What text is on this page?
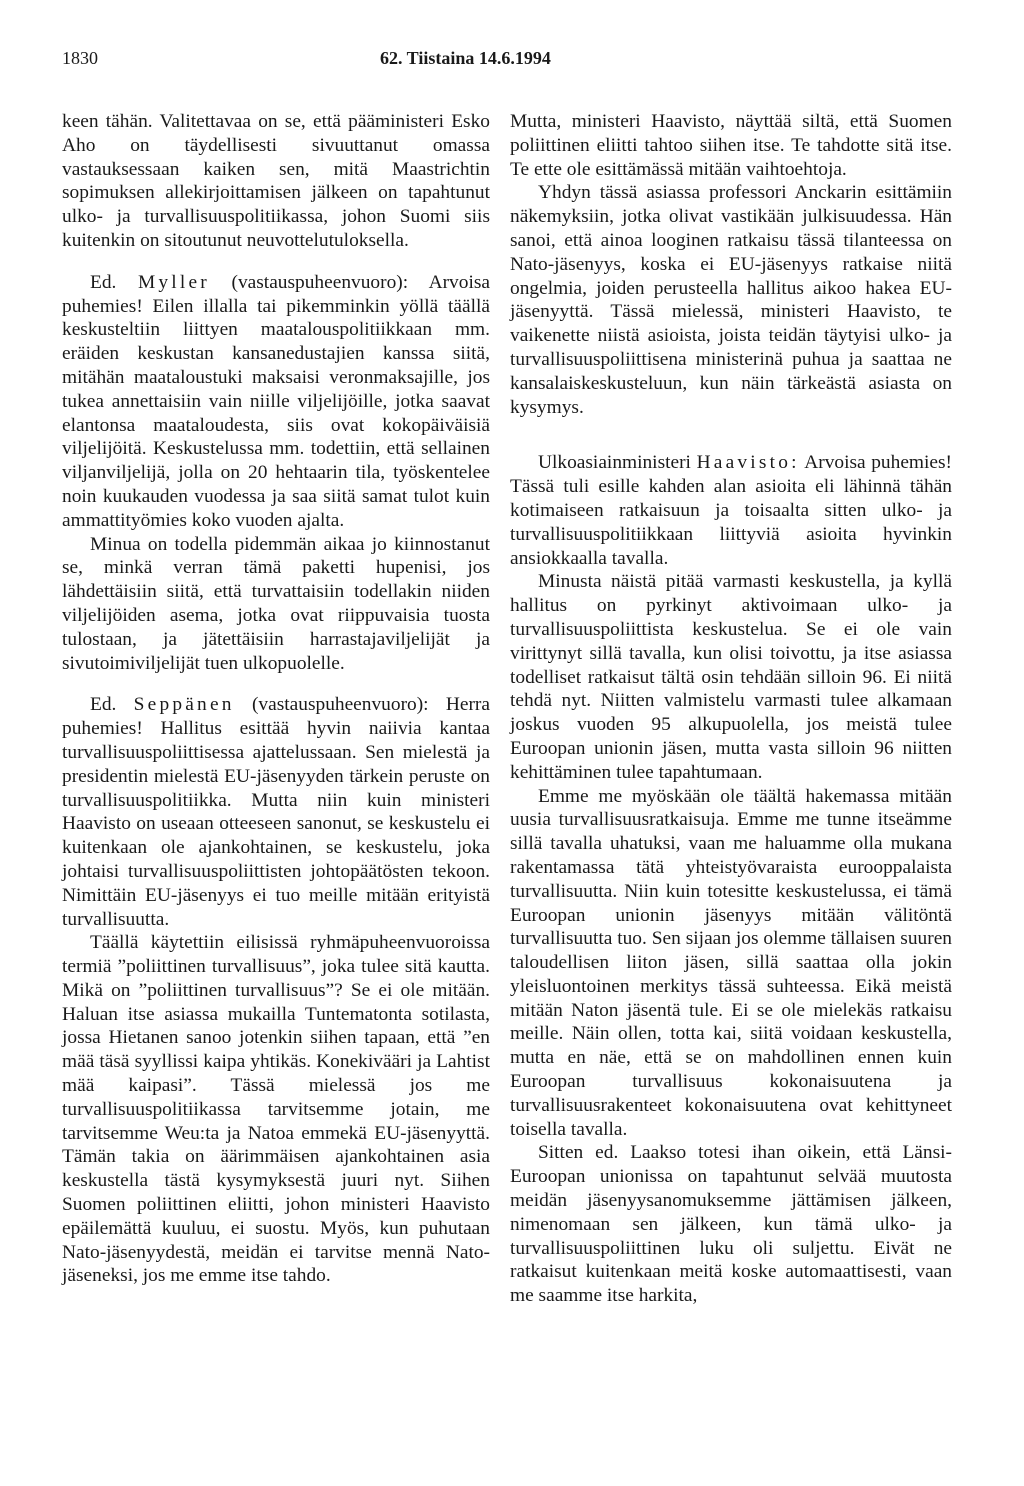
1830	62. Tiistaina 14.6.1994

keen tähän. Valitettavaa on se, että pääministeri Esko Aho on täydellisesti sivuuttanut omassa vastauksessaan kaiken sen, mitä Maastrichtin sopimuksen allekirjoittamisen jälkeen on tapahtunut ulko- ja turvallisuuspolitiikassa, johon Suomi siis kuitenkin on sitoutunut neuvottelutuloksella.

Ed. Myller (vastauspuheenvuoro): Arvoisa puhemies! Eilen illalla tai pikemminkin yöllä täällä keskusteltiin liittyen maatalouspolitiikkaan mm. eräiden keskustan kansanedustajien kanssa siitä, mitähän maataloustuki maksaisi veronmaksajille, jos tukea annettaisiin vain niille viljelijöille, jotka saavat elantonsa maataloudesta, siis ovat kokopäiväisiä viljelijöitä. Keskustelussa mm. todettiin, että sellainen viljanviljelijä, jolla on 20 hehtaarin tila, työskentelee noin kuukauden vuodessa ja saa siitä samat tulot kuin ammattityömies koko vuoden ajalta.

Minua on todella pidemmän aikaa jo kiinnostanut se, minkä verran tämä paketti hupenisi, jos lähdettäisiin siitä, että turvattaisiin todellakin niiden viljelijöiden asema, jotka ovat riippuvaisia tuosta tulostaan, ja jätettäisiin harrastajaviljelijät ja sivutoimiviljelijät tuen ulkopuolelle.

Ed. Seppänen (vastauspuheenvuoro): Herra puhemies! Hallitus esittää hyvin naiivia kantaa turvallisuuspoliittisessa ajattelussaan. Sen mielestä ja presidentin mielestä EU-jäsenyyden tärkein peruste on turvallisuuspolitiikka. Mutta niin kuin ministeri Haavisto on useaan otteeseen sanonut, se keskustelu ei kuitenkaan ole ajankohtainen, se keskustelu, joka johtaisi turvallisuuspoliittisten johtopäätösten tekoon. Nimittäin EU-jäsenyys ei tuo meille mitään erityistä turvallisuutta.

Täällä käytettiin eilisissä ryhmäpuheenvuoroissa termiä ”poliittinen turvallisuus”, joka tulee sitä kautta. Mikä on ”poliittinen turvallisuus”? Se ei ole mitään. Haluan itse asiassa mukailla Tuntematonta sotilasta, jossa Hietanen sanoo jotenkin siihen tapaan, että ”en mää täsä syyllissi kaipa yhtikäs. Konekivääri ja Lahtist mää kaipasi”. Tässä mielessä jos me turvallisuuspolitiikassa tarvitsemme jotain, me tarvitsemme Weu:ta ja Natoa emmekä EU-jäsenyyttä. Tämän takia on äärimmäisen ajankohtainen asia keskustella tästä kysymyksestä juuri nyt. Siihen Suomen poliittinen eliitti, johon ministeri Haavisto epäilemättä kuuluu, ei suostu. Myös, kun puhutaan Nato-jäsenyydestä, meidän ei tarvitse mennä Nato-jäseneksi, jos me emme itse tahdo.

Mutta, ministeri Haavisto, näyttää siltä, että Suomen poliittinen eliitti tahtoo siihen itse. Te tahdotte sitä itse. Te ette ole esittämässä mitään vaihtoehtoja.

Yhdyn tässä asiassa professori Anckarin esittämiin näkemyksiin, jotka olivat vastikään julkisuudessa. Hän sanoi, että ainoa looginen ratkaisu tässä tilanteessa on Nato-jäsenyys, koska ei EU-jäsenyys ratkaise niitä ongelmia, joiden perusteella hallitus aikoo hakea EU-jäsenyyttä. Tässä mielessä, ministeri Haavisto, te vaikenette niistä asioista, joista teidän täytyisi ulko- ja turvallisuuspoliittisena ministerinä puhua ja saattaa ne kansalaiskeskusteluun, kun näin tärkeästä asiasta on kysymys.

Ulkoasiainministeri Haavisto: Arvoisa puhemies! Tässä tuli esille kahden alan asioita eli lähinnä tähän kotimaiseen ratkaisuun ja toisaalta sitten ulko- ja turvallisuuspolitiikkaan liittyviä asioita hyvinkin ansiokkaalla tavalla.

Minusta näistä pitää varmasti keskustella, ja kyllä hallitus on pyrkinyt aktivoimaan ulko- ja turvallisuuspoliittista keskustelua. Se ei ole vain virittynyt sillä tavalla, kun olisi toivottu, ja itse asiassa todelliset ratkaisut tältä osin tehdään silloin 96. Ei niitä tehdä nyt. Niitten valmistelu varmasti tulee alkamaan joskus vuoden 95 alkupuolella, jos meistä tulee Euroopan unionin jäsen, mutta vasta silloin 96 niitten kehittäminen tulee tapahtumaan.

Emme me myöskään ole täältä hakemassa mitään uusia turvallisuusratkaisuja. Emme me tunne itseämme sillä tavalla uhatuksi, vaan me haluamme olla mukana rakentamassa tätä yhteistyövaraista eurooppalaista turvallisuutta. Niin kuin totesitte keskustelussa, ei tämä Euroopan unionin jäsenyys mitään välitöntä turvallisuutta tuo. Sen sijaan jos olemme tällaisen suuren taloudellisen liiton jäsen, sillä saattaa olla jokin yleisluontoinen merkitys tässä suhteessa. Eikä meistä mitään Naton jäsentä tule. Ei se ole mielekäs ratkaisu meille. Näin ollen, totta kai, siitä voidaan keskustella, mutta en näe, että se on mahdollinen ennen kuin Euroopan turvallisuus kokonaisuutena ja turvallisuusrakenteet kokonaisuutena ovat kehittyneet toisella tavalla.

Sitten ed. Laakso totesi ihan oikein, että Länsi-Euroopan unionissa on tapahtunut selvää muutosta meidän jäsenyysanomuksemme jättämisen jälkeen, nimenomaan sen jälkeen, kun tämä ulko- ja turvallisuuspoliittinen luku oli suljettu. Eivät ne ratkaisut kuitenkaan meitä koske automaattisesti, vaan me saamme itse harkita,
